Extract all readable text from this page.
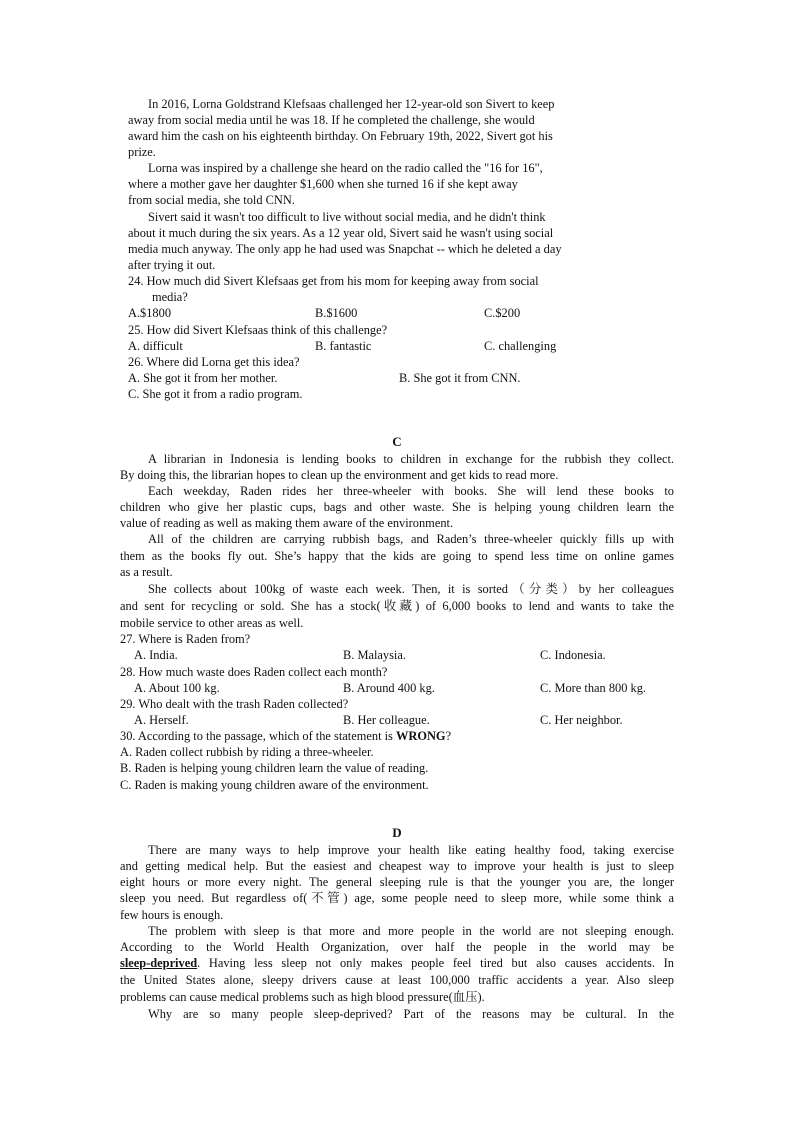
In 2016, Lorna Goldstrand Klefsaas challenged her 12-year-old son Sivert to keep
away from social media until he was 18. If he completed the challenge, she would
award him the cash on his eighteenth birthday. On February 19th, 2022, Sivert got his
prize.
Lorna was inspired by a challenge she heard on the radio called the "16 for 16",
where a mother gave her daughter $1,600 when she turned 16 if she kept away
from social media, she told CNN.
Sivert said it wasn't too difficult to live without social media, and he didn't think
about it much during the six years. As a 12 year old, Sivert said he wasn't using social
media much anyway. The only app he had used was Snapchat -- which he deleted a day
after trying it out.
24. How much did Sivert Klefsaas get from his mom for keeping away from social
media?
A.$1800	B.$1600	C.$200
25. How did Sivert Klefsaas think of this challenge?
A. difficult	B. fantastic	C. challenging
26. Where did Lorna get this idea?
A. She got it from her mother.	B. She got it from CNN.
C. She got it from a radio program.
C
A librarian in Indonesia is lending books to children in exchange for the rubbish they collect.
By doing this, the librarian hopes to clean up the environment and get kids to read more.
Each weekday, Raden rides her three-wheeler with books. She will lend these books to
children who give her plastic cups, bags and other waste. She is helping young children learn the
value of reading as well as making them aware of the environment.
All of the children are carrying rubbish bags, and Raden’s three-wheeler quickly fills up with
them as the books fly out. She’s happy that the kids are going to spend less time on online games
as a result.
She collects about 100kg of waste each week. Then, it is sorted（分类）by her colleagues
and sent for recycling or sold. She has a stock(收藏) of 6,000 books to lend and wants to take the
mobile service to other areas as well.
27. Where is Raden from?
A. India.	B. Malaysia.	C. Indonesia.
28. How much waste does Raden collect each month?
A. About 100 kg.	B. Around 400 kg.	C. More than 800 kg.
29. Who dealt with the trash Raden collected?
A. Herself.	B. Her colleague.	C. Her neighbor.
30. According to the passage, which of the statement is WRONG?
A. Raden collect rubbish by riding a three-wheeler.
B. Raden is helping young children learn the value of reading.
C. Raden is making young children aware of the environment.
D
There are many ways to help improve your health like eating healthy food, taking exercise
and getting medical help. But the easiest and cheapest way to improve your health is just to sleep
eight hours or more every night. The general sleeping rule is that the younger you are, the longer
sleep you need. But regardless of(不管) age, some people need to sleep more, while some think a
few hours is enough.
The problem with sleep is that more and more people in the world are not sleeping enough.
According to the World Health Organization, over half the people in the world may be
sleep-deprived. Having less sleep not only makes people feel tired but also causes accidents. In
the United States alone, sleepy drivers cause at least 100,000 traffic accidents a year. Also sleep
problems can cause medical problems such as high blood pressure(血压).
Why are so many people sleep-deprived? Part of the reasons may be cultural. In the
